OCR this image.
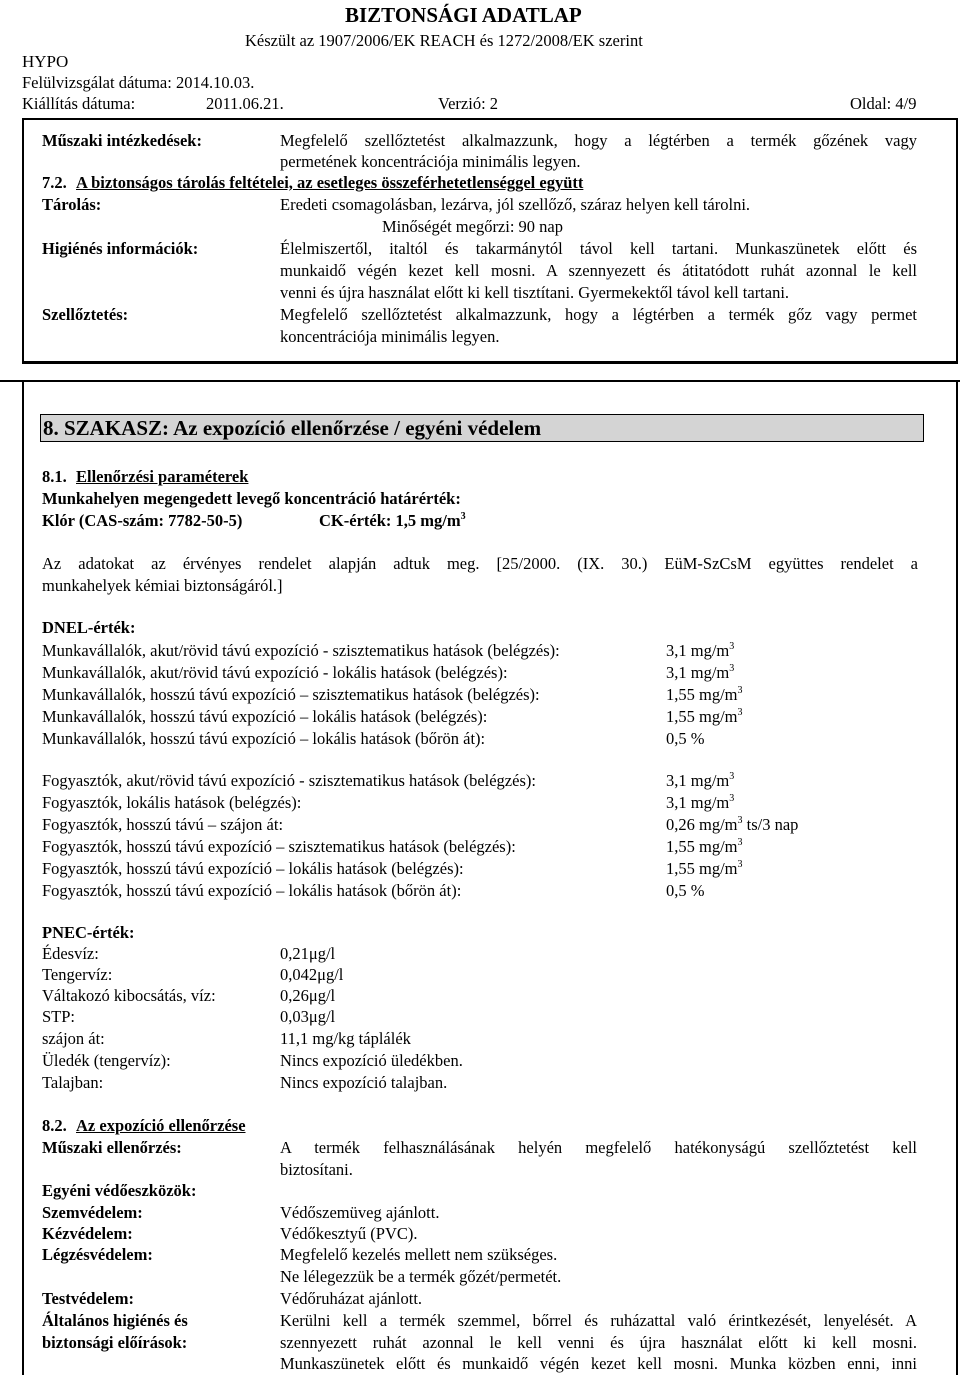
BIZTONSÁGI ADATLAP
Készült az 1907/2006/EK REACH és 1272/2008/EK szerint
HYPO
Felülvizsgálat dátuma: 2014.10.03.
Kiállítás dátuma:	2011.06.21.	Verzió: 2	Oldal: 4/9
Műszaki intézkedések:	Megfelelő szellőztetést alkalmazzunk, hogy a légtérben a termék gőzének vagy
permetének koncentrációja minimális legyen.
7.2. A biztonságos tárolás feltételei, az esetleges összeférhetetlenséggel együtt
Tárolás:	Eredeti csomagolásban, lezárva, jól szellőző, száraz helyen kell tárolni.
Minőségét megőrzi: 90 nap
Higiénés információk:	Élelmiszertől, italtól és takarmánytól távol kell tartani. Munkaszünetek előtt és
munkaidő végén kezet kell mosni. A szennyezett és átitatódott ruhát azonnal le kell
venni és újra használat előtt ki kell tisztítani. Gyermekektől távol kell tartani.
Szellőztetés:	Megfelelő szellőztetést alkalmazzunk, hogy a légtérben a termék gőz vagy permet
koncentrációja minimális legyen.
8. SZAKASZ: Az expozíció ellenőrzése / egyéni védelem
8.1. Ellenőrzési paraméterek
Munkahelyen megengedett levegő koncentráció határérték:
Klór (CAS-szám: 7782-50-5)	CK-érték: 1,5 $mg/m^3$
Az adatokat az érvényes rendelet alapján adtuk meg. [25/2000. (IX. 30.) EüM-SzCsM együttes rendelet a
munkahelyek kémiai biztonságáról.]
DNEL-érték:
Munkavállalók, akut/rövid távú expozíció - szisztematikus hatások (belégzés):	3,1 $mg/m^3$
Munkavállalók, akut/rövid távú expozíció - lokális hatások (belégzés):	3,1 $mg/m^3$
Munkavállalók, hosszú távú expozíció – szisztematikus hatások (belégzés):	1,55 $mg/m^3$
Munkavállalók, hosszú távú expozíció – lokális hatások (belégzés):	1,55 $mg/m^3$
Munkavállalók, hosszú távú expozíció – lokális hatások (bőrön át):	0,5 %
Fogyasztók, akut/rövid távú expozíció - szisztematikus hatások (belégzés):	3,1 $mg/m^3$
Fogyasztók, lokális hatások (belégzés):	3,1 $mg/m^3$
Fogyasztók, hosszú távú – szájon át:	0,26 $mg/m^3$ ts/3 nap
Fogyasztók, hosszú távú expozíció – szisztematikus hatások (belégzés):	1,55 $mg/m^3$
Fogyasztók, hosszú távú expozíció – lokális hatások (belégzés):	1,55 $mg/m^3$
Fogyasztók, hosszú távú expozíció – lokális hatások (bőrön át):	0,5 %
PNEC-érték:
Édesvíz:	0,21μg/l
Tengervíz:	0,042μg/l
Váltakozó kibocsátás, víz:	0,26μg/l
STP:	0,03μg/l
szájon át:	11,1 mg/kg táplálék
Üledék (tengervíz):	Nincs expozíció üledékben.
Talajban:	Nincs expozíció talajban.
8.2. Az expozíció ellenőrzése
Műszaki ellenőrzés:	A termék felhasználásának helyén megfelelő hatékonyságú szellőztetést kell
biztosítani.
Egyéni védőeszközök:
Szemvédelem:	Védőszemüveg ajánlott.
Kézvédelem:	Védőkesztyű (PVC).
Légzésvédelem:	Megfelelő kezelés mellett nem szükséges.
Ne lélegezzük be a termék gőzét/permetét.
Testvédelem:	Védőruházat ajánlott.
Általános higiénés és
biztonsági előírások:
Kerülni kell a termék szemmel, bőrrel és ruházattal való érintkezését, lenyelését. A
szennyezett ruhát azonnal le kell venni és újra használat előtt ki kell mosni.
Munkaszünetek előtt és munkaidő végén kezet kell mosni. Munka közben enni, inni
